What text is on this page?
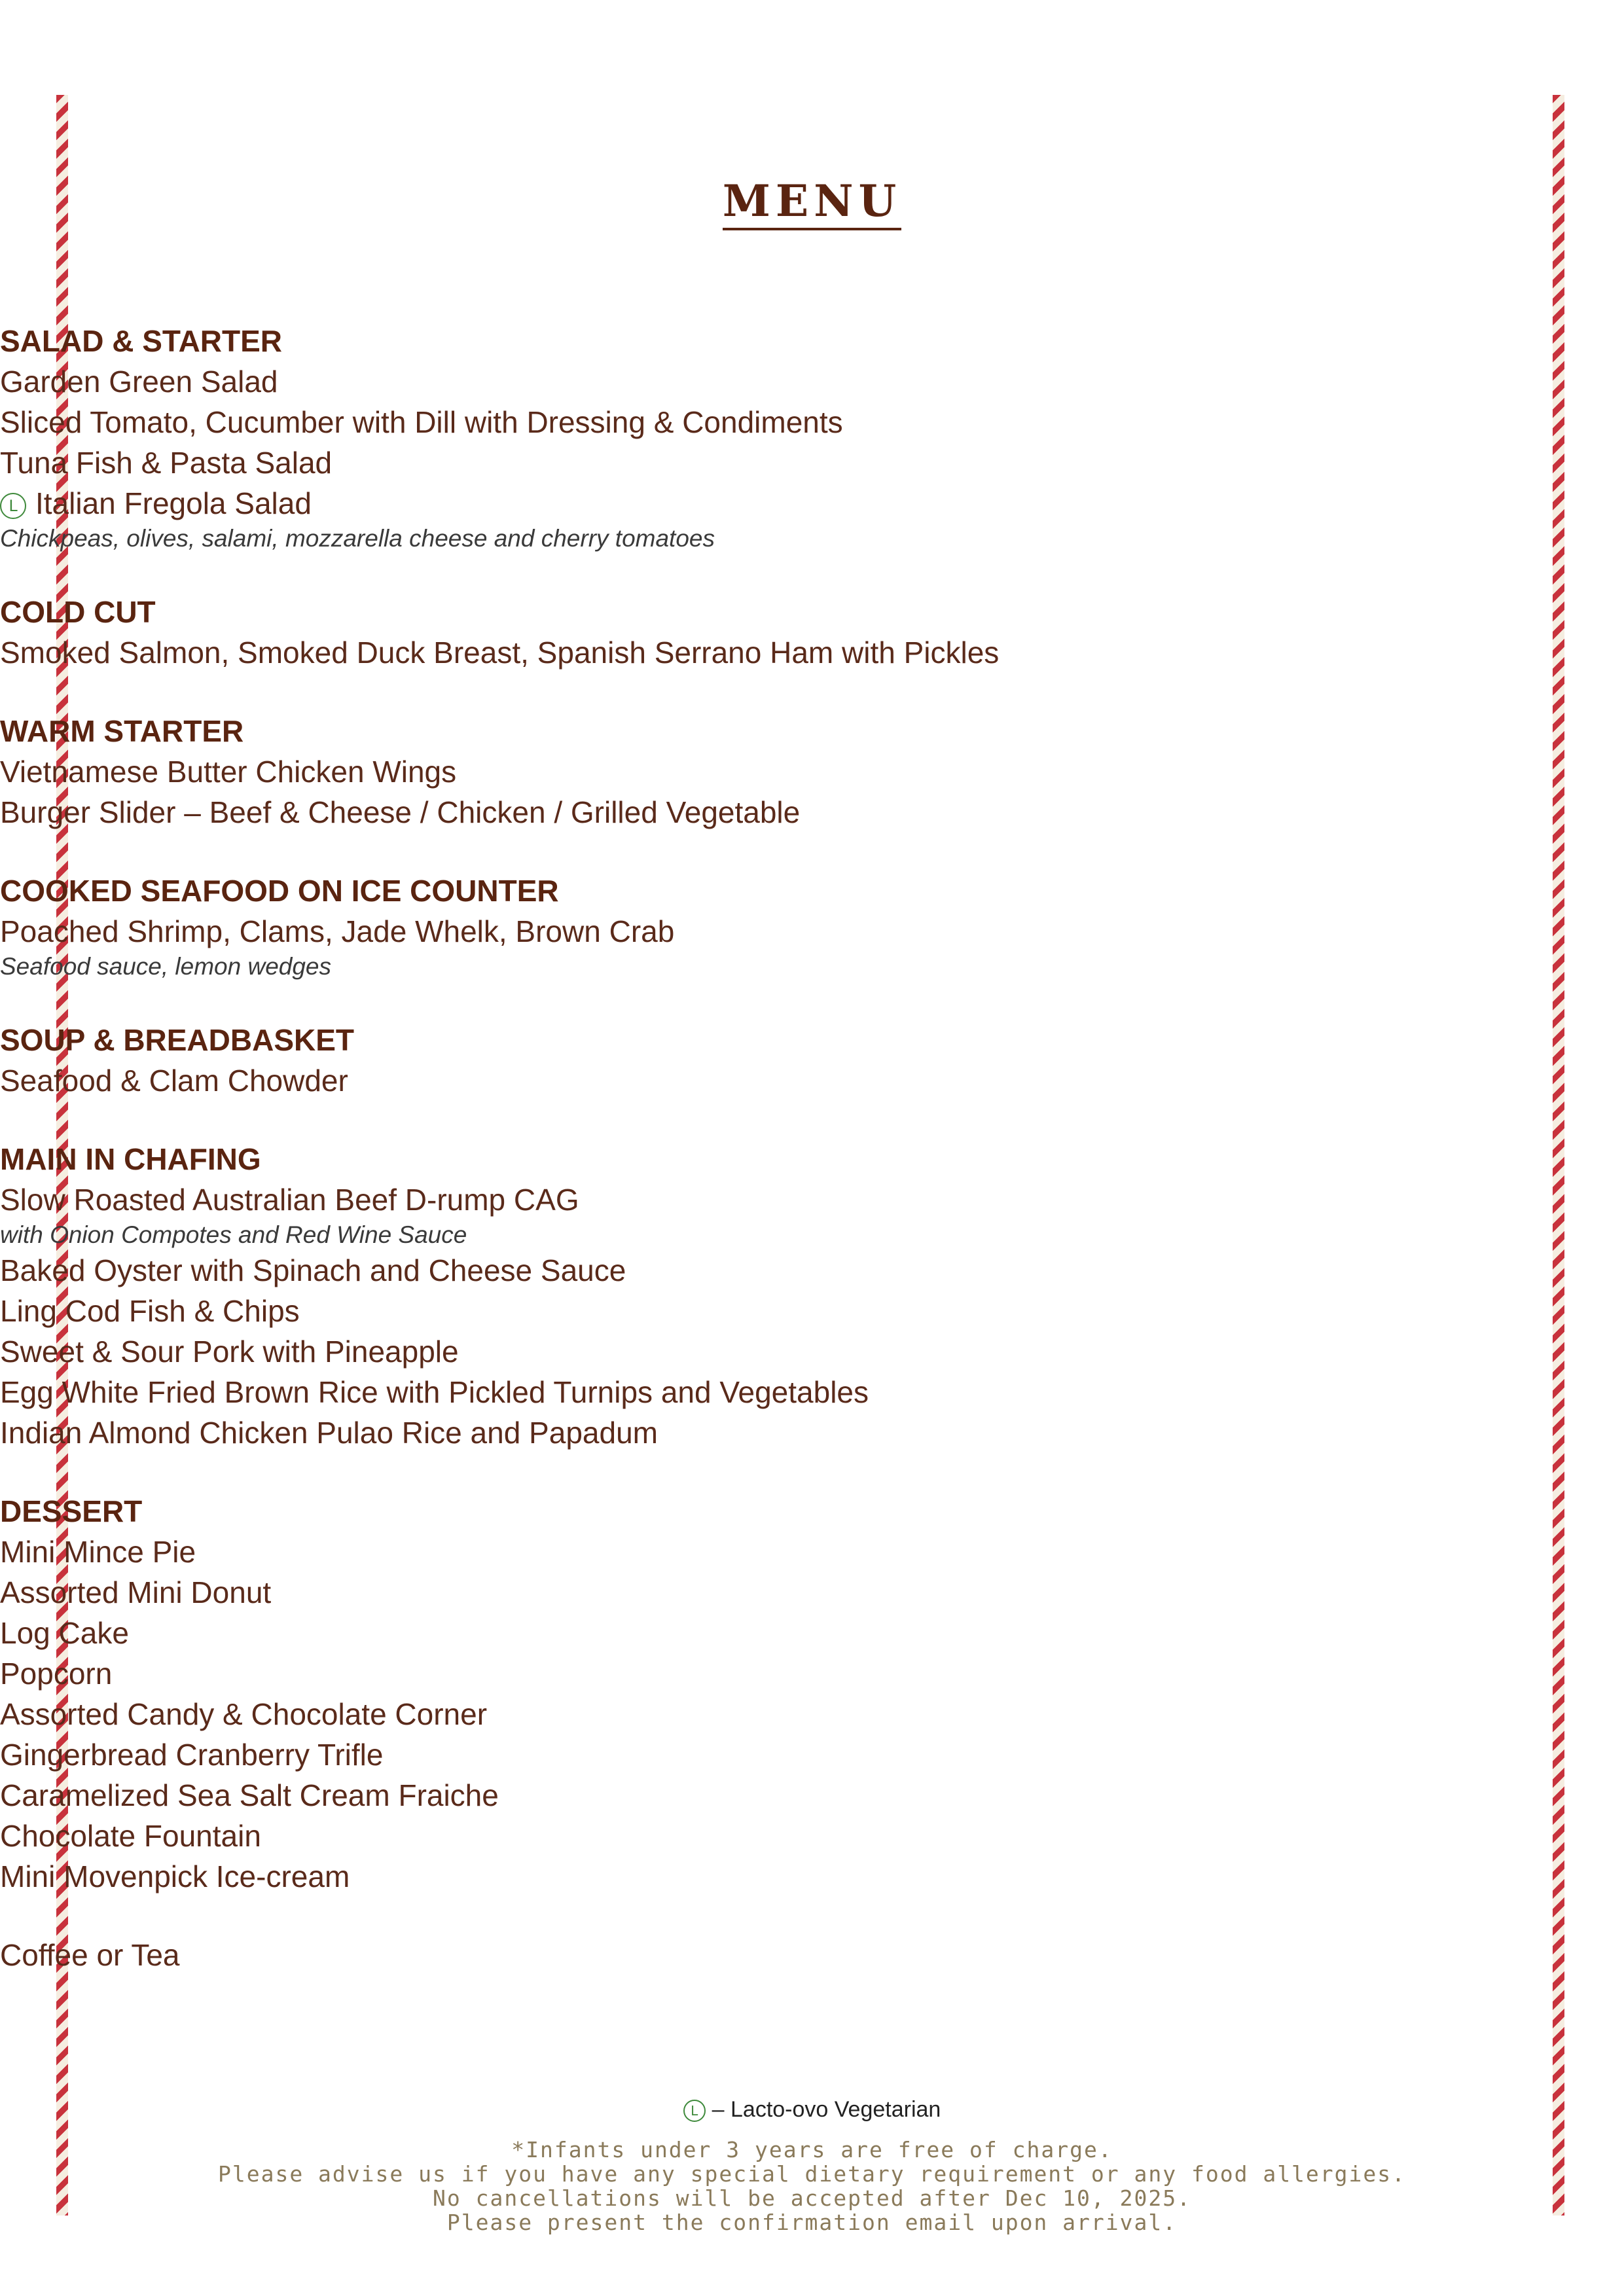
MENU
SALAD & STARTER
Garden Green Salad
Sliced Tomato, Cucumber with Dill with Dressing & Condiments
Tuna Fish & Pasta Salad
L Italian Fregola Salad
Chickpeas, olives, salami, mozzarella cheese and cherry tomatoes
COLD CUT
Smoked Salmon, Smoked Duck Breast, Spanish Serrano Ham with Pickles
WARM STARTER
Vietnamese Butter Chicken Wings
Burger Slider – Beef & Cheese / Chicken / Grilled Vegetable
COOKED SEAFOOD ON ICE COUNTER
Poached Shrimp, Clams, Jade Whelk, Brown Crab
Seafood sauce, lemon wedges
SOUP & BREADBASKET
Seafood & Clam Chowder
MAIN IN CHAFING
Slow Roasted Australian Beef D-rump CAG
with Onion Compotes and Red Wine Sauce
Baked Oyster with Spinach and Cheese Sauce
Ling Cod Fish & Chips
Sweet & Sour Pork with Pineapple
Egg White Fried Brown Rice with Pickled Turnips and Vegetables
Indian Almond Chicken Pulao Rice and Papadum
DESSERT
Mini Mince Pie
Assorted Mini Donut
Log Cake
Popcorn
Assorted Candy & Chocolate Corner
Gingerbread Cranberry Trifle
Caramelized Sea Salt Cream Fraiche
Chocolate Fountain
Mini Movenpick Ice-cream
Coffee or Tea
L – Lacto-ovo Vegetarian
*Infants under 3 years are free of charge.
Please advise us if you have any special dietary requirement or any food allergies.
No cancellations will be accepted after Dec 10, 2025.
Please present the confirmation email upon arrival.
